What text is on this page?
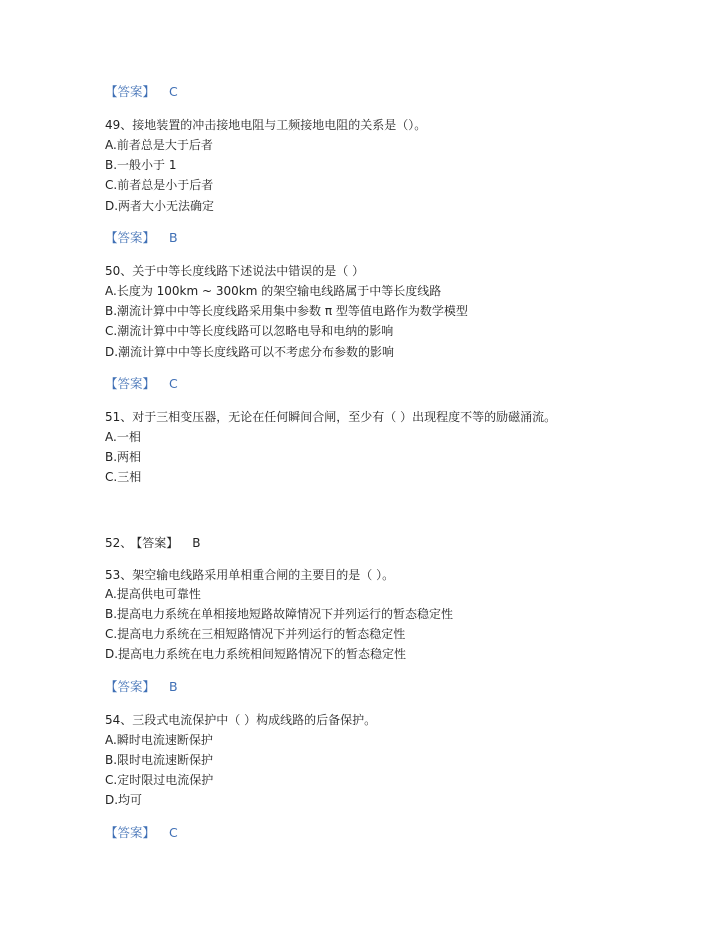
【答案】 C
49、接地装置的冲击接地电阻与工频接地电阻的关系是（）。
A.前者总是大于后者
B.一般小于 1
C.前者总是小于后者
D.两者大小无法确定
【答案】 B
50、关于中等长度线路下述说法中错误的是（ ）
A.长度为 100km ~ 300km 的架空输电线路属于中等长度线路
B.潮流计算中中等长度线路采用集中参数 π 型等值电路作为数学模型
C.潮流计算中中等长度线路可以忽略电导和电纳的影响
D.潮流计算中中等长度线路可以不考虑分布参数的影响
【答案】 C
51、对于三相变压器，无论在任何瞬间合闸，至少有（ ）出现程度不等的励磁涌流。
A.一相
B.两相
C.三相
52、 【答案】 B
53、架空输电线路采用单相重合闸的主要目的是（ ）。
A.提高供电可靠性
B.提高电力系统在单相接地短路故障情况下并列运行的暂态稳定性
C.提高电力系统在三相短路情况下并列运行的暂态稳定性
D.提高电力系统在电力系统相间短路情况下的暂态稳定性
【答案】 B
54、三段式电流保护中（ ）构成线路的后备保护。
A.瞬时电流速断保护
B.限时电流速断保护
C.定时限过电流保护
D.均可
【答案】 C
